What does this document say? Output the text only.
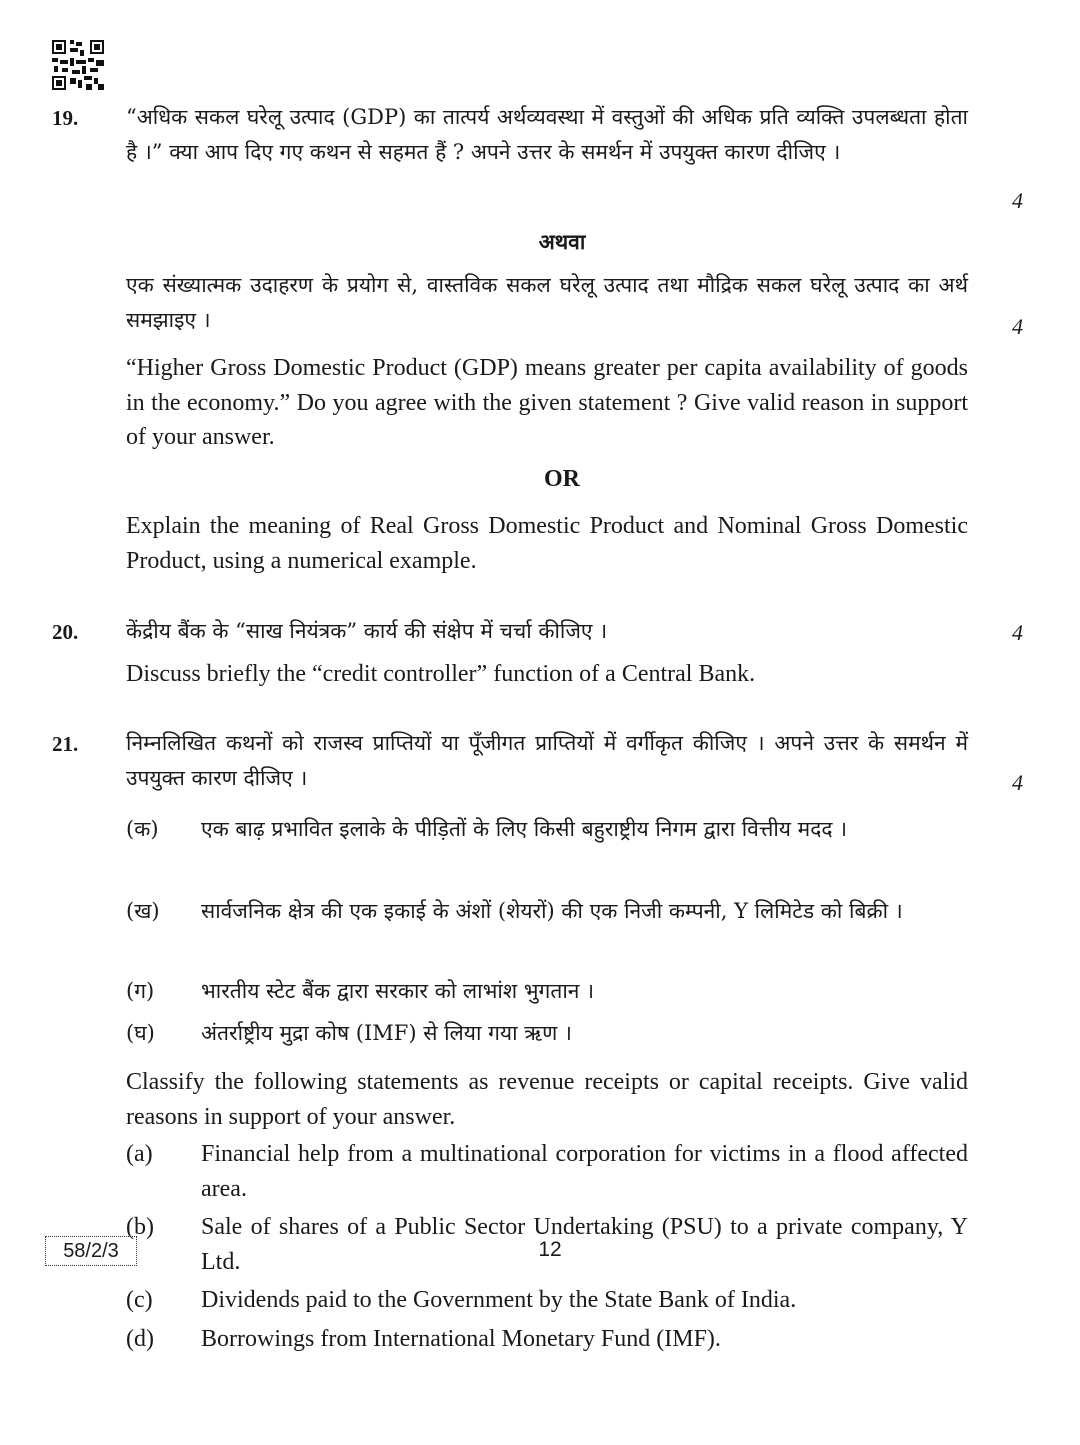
19. “अधिक सकल घरेलू उत्पाद (GDP) का तात्पर्य अर्थव्यवस्था में वस्तुओं की अधिक प्रति व्यक्ति उपलब्धता होता है ।” क्या आप दिए गए कथन से सहमत हैं ? अपने उत्तर के समर्थन में उपयुक्त कारण दीजिए ।
4
अथवा
एक संख्यात्मक उदाहरण के प्रयोग से, वास्तविक सकल घरेलू उत्पाद तथा मौद्रिक सकल घरेलू उत्पाद का अर्थ समझाइए ।	4
“Higher Gross Domestic Product (GDP) means greater per capita availability of goods in the economy.” Do you agree with the given statement ? Give valid reason in support of your answer.
OR
Explain the meaning of Real Gross Domestic Product and Nominal Gross Domestic Product, using a numerical example.
20. केंद्रीय बैंक के “साख नियंत्रक” कार्य की संक्षेप में चर्चा कीजिए ।	4
Discuss briefly the “credit controller” function of a Central Bank.
21. निम्नलिखित कथनों को राजस्व प्राप्तियों या पूँजीगत प्राप्तियों में वर्गीकृत कीजिए । अपने उत्तर के समर्थन में उपयुक्त कारण दीजिए ।	4
(क) एक बाढ़ प्रभावित इलाके के पीड़ितों के लिए किसी बहुराष्ट्रीय निगम द्वारा वित्तीय मदद ।
(ख) सार्वजनिक क्षेत्र की एक इकाई के अंशों (शेयरों) की एक निजी कम्पनी, Y लिमिटेड को बिक्री ।
(ग) भारतीय स्टेट बैंक द्वारा सरकार को लाभांश भुगतान ।
(घ) अंतर्राष्ट्रीय मुद्रा कोष (IMF) से लिया गया ऋण ।
Classify the following statements as revenue receipts or capital receipts. Give valid reasons in support of your answer.
(a) Financial help from a multinational corporation for victims in a flood affected area.
(b) Sale of shares of a Public Sector Undertaking (PSU) to a private company, Y Ltd.
(c) Dividends paid to the Government by the State Bank of India.
(d) Borrowings from International Monetary Fund (IMF).
58/2/3	12
